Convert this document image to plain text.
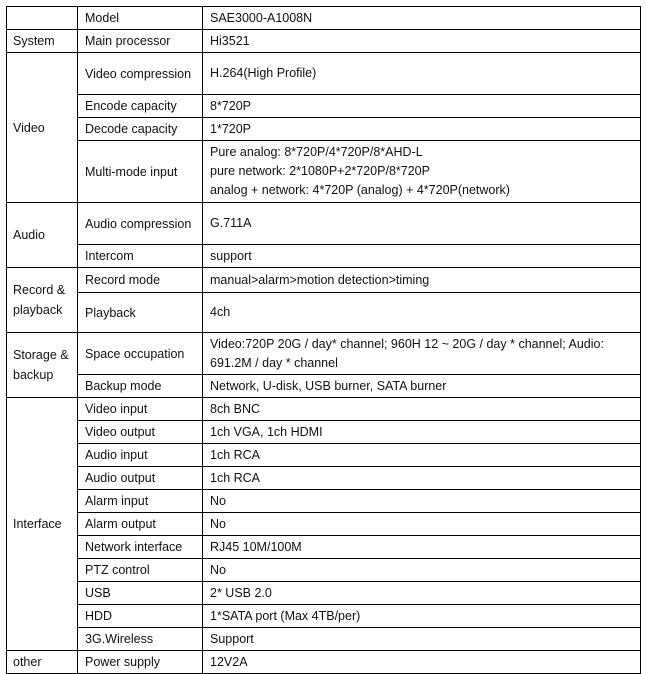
	Model	SAE3000-A1008N
System	Main processor	Hi3521
Video	Video compression	H.264(High Profile)
	Encode capacity	8*720P
	Decode capacity	1*720P
	Multi-mode input	Pure analog: 8*720P/4*720P/8*AHD-L
pure network: 2*1080P+2*720P/8*720P
analog + network: 4*720P (analog) + 4*720P(network)

Audio	Audio compression	G.711A
	Intercom	support
Record & playback	Record mode	manual>alarm>motion detection>timing
	Playback	4ch
Storage & backup	Space occupation	Video:720P 20G / day* channel; 960H 12 ~ 20G / day * channel; Audio: 691.2M / day * channel
	Backup mode	Network, U-disk, USB burner, SATA burner
Interface	Video input	8ch BNC
	Video output	1ch VGA, 1ch HDMI
	Audio input	1ch RCA
	Audio output	1ch RCA
	Alarm input	No
	Alarm output	No
	Network interface	RJ45 10M/100M
	PTZ control	No
	USB	2* USB 2.0
	HDD	1*SATA port (Max 4TB/per)
	3G.Wireless	Support
other	Power supply	12V2A
